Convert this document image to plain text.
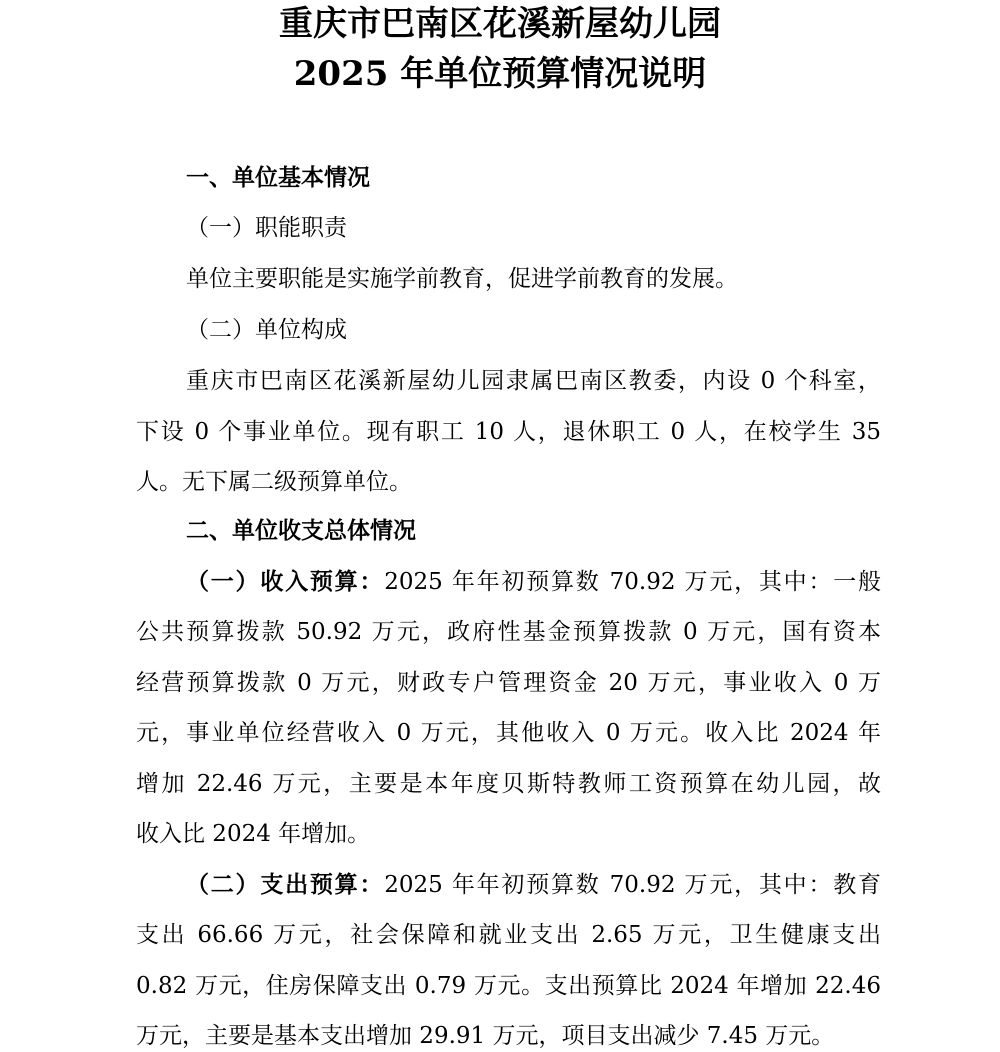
重庆市巴南区花溪新屋幼儿园
2025 年单位预算情况说明
一、单位基本情况

（一）职能职责

单位主要职能是实施学前教育，促进学前教育的发展。

（二）单位构成

重庆市巴南区花溪新屋幼儿园隶属巴南区教委，内设 0 个科室，

下设 0 个事业单位。现有职工 10 人，退休职工 0 人，在校学生 35

人。无下属二级预算单位。

二、单位收支总体情况

（一）收入预算：2025 年年初预算数 70.92 万元，其中：一般

公共预算拨款 50.92 万元，政府性基金预算拨款 0 万元，国有资本

经营预算拨款 0 万元，财政专户管理资金 20 万元，事业收入 0 万

元，事业单位经营收入 0 万元，其他收入 0 万元。收入比 2024 年

增加 22.46 万元，主要是本年度贝斯特教师工资预算在幼儿园，故

收入比 2024 年增加。

（二）支出预算：2025 年年初预算数 70.92 万元，其中：教育

支出 66.66 万元，社会保障和就业支出 2.65 万元，卫生健康支出

0.82 万元，住房保障支出 0.79 万元。支出预算比 2024 年增加 22.46

万元，主要是基本支出增加 29.91 万元，项目支出减少 7.45 万元。
